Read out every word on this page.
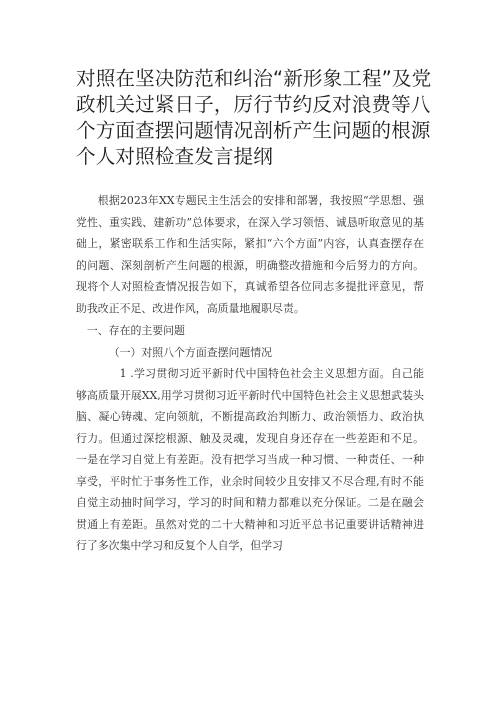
对照在坚决防范和纠治“新形象工程”及党政机关过紧日子，厉行节约反对浪费等八个方面查摆问题情况剖析产生问题的根源个人对照检查发言提纲

根据2023年XX专题民主生活会的安排和部署，我按照“学思想、强党性、重实践、建新功”总体要求，在深入学习领悟、诚恳听取意见的基础上，紧密联系工作和生活实际，紧扣“六个方面”内容，认真查摆存在的问题、深刻剖析产生问题的根源，明确整改措施和今后努力的方向。现将个人对照检查情况报告如下，真诚希望各位同志多提批评意见，帮助我改正不足、改进作风，高质量地履职尽责。

一、存在的主要问题

（一）对照八个方面查摆问题情况

1 .学习贯彻习近平新时代中国特色社会主义思想方面。自己能够高质量开展XX,用学习贯彻习近平新时代中国特色社会主义思想武装头脑、凝心铸魂、定向领航，不断提高政治判断力、政治领悟力、政治执行力。但通过深挖根源、触及灵魂，发现自身还存在一些差距和不足。一是在学习自觉上有差距。没有把学习当成一种习惯、一种责任、一种享受，平时忙于事务性工作，业余时间较少且安排又不尽合理,有时不能自觉主动抽时间学习，学习的时间和精力都难以充分保证。二是在融会贯通上有差距。虽然对党的二十大精神和习近平总书记重要讲话精神进行了多次集中学习和反复个人自学，但学习
